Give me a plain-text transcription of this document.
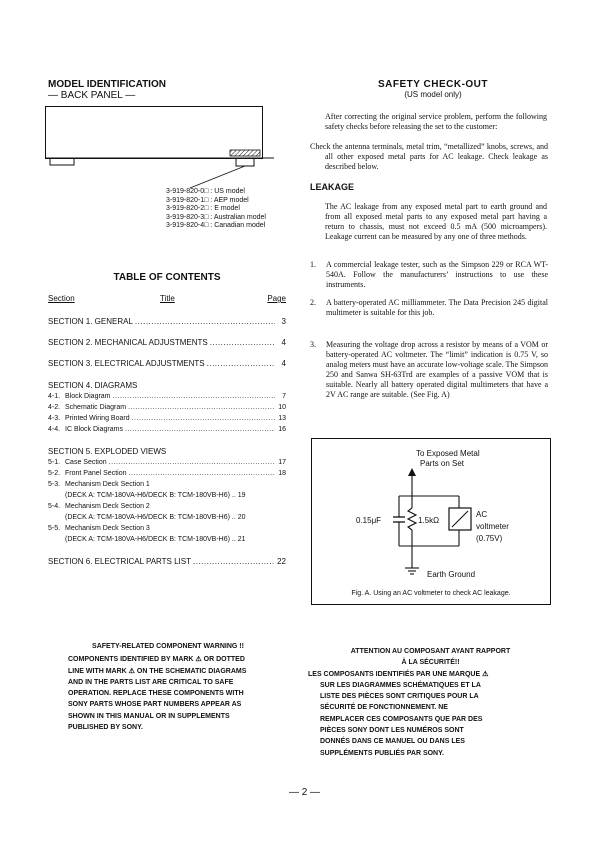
MODEL IDENTIFICATION
— BACK PANEL —
3-919-820-0□ : US model
3-919-820-1□ : AEP model
3-919-820-2□ : E model
3-919-820-3□ : Australian model
3-919-820-4□ : Canadian model
TABLE OF CONTENTS
Section	Title	Page
SECTION 1. GENERAL .....	3
SECTION 2. MECHANICAL ADJUSTMENTS .....	4
SECTION 3. ELECTRICAL ADJUSTMENTS .....	4
SECTION 4. DIAGRAMS
4-1. Block Diagram .....	7
4-2. Schematic Diagram .....	10
4-3. Printed Wiring Board .....	13
4-4. IC Block Diagrams .....	16
SECTION 5. EXPLODED VIEWS
5-1. Case Section .....	17
5-2. Front Panel Section .....	18
5-3. Mechanism Deck Section 1
(DECK A: TCM-180VA-H6/DECK B: TCM-180VB-H6) .. 19
5-4. Mechanism Deck Section 2
(DECK A: TCM-180VA-H6/DECK B: TCM-180VB-H6) .. 20
5-5. Mechanism Deck Section 3
(DECK A: TCM-180VA-H6/DECK B: TCM-180VB-H6) .. 21
SECTION 6. ELECTRICAL PARTS LIST .....	22
SAFETY CHECK-OUT
(US model only)
After correcting the original service problem, perform the following safety checks before releasing the set to the customer:
Check the antenna terminals, metal trim, “metallized” knobs, screws, and all other exposed metal parts for AC leakage. Check leakage as described below.
LEAKAGE
The AC leakage from any exposed metal part to earth ground and from all exposed metal parts to any exposed metal part having a return to chassis, must not exceed 0.5 mA (500 microampers). Leakage current can be measured by any one of three methods.
1.	A commercial leakage tester, such as the Simpson 229 or RCA WT-540A. Follow the manufacturers’ instructions to use these instruments.
2.	A battery-operated AC milliammeter. The Data Precision 245 digital multimeter is suitable for this job.
3.	Measuring the voltage drop across a resistor by means of a VOM or battery-operated AC voltmeter. The “limit” indication is 0.75 V, so analog meters must have an accurate low-voltage scale. The Simpson 250 and Sanwa SH-63Trd are examples of a passive VOM that is suitable. Nearly all battery operated digital multimeters that have a 2V AC range are suitable. (See Fig. A)
To Exposed Metal
Parts on Set
0.15μF	1.5kΩ
AC
voltmeter
(0.75V)
Earth Ground
Fig. A. Using an AC voltmeter to check AC leakage.
SAFETY-RELATED COMPONENT WARNING !!
COMPONENTS IDENTIFIED BY MARK ⚠ OR DOTTED
LINE WITH MARK ⚠ ON THE SCHEMATIC DIAGRAMS
AND IN THE PARTS LIST ARE CRITICAL TO SAFE
OPERATION. REPLACE THESE COMPONENTS WITH
SONY PARTS WHOSE PART NUMBERS APPEAR AS
SHOWN IN THIS MANUAL OR IN SUPPLEMENTS
PUBLISHED BY SONY.
ATTENTION AU COMPOSANT AYANT RAPPORT
À LA SÉCURITÉ!!
LES COMPOSANTS IDENTIFIÉS PAR UNE MARQUE ⚠
SUR LES DIAGRAMMES SCHÉMATIQUES ET LA
LISTE DES PIÈCES SONT CRITIQUES POUR LA
SÉCURITÉ DE FONCTIONNEMENT. NE
REMPLACER CES COMPOSANTS QUE PAR DES
PIÈCES SONY DONT LES NUMÉROS SONT
DONNÉS DANS CE MANUEL OU DANS LES
SUPPLÉMENTS PUBLIÉS PAR SONY.
— 2 —
